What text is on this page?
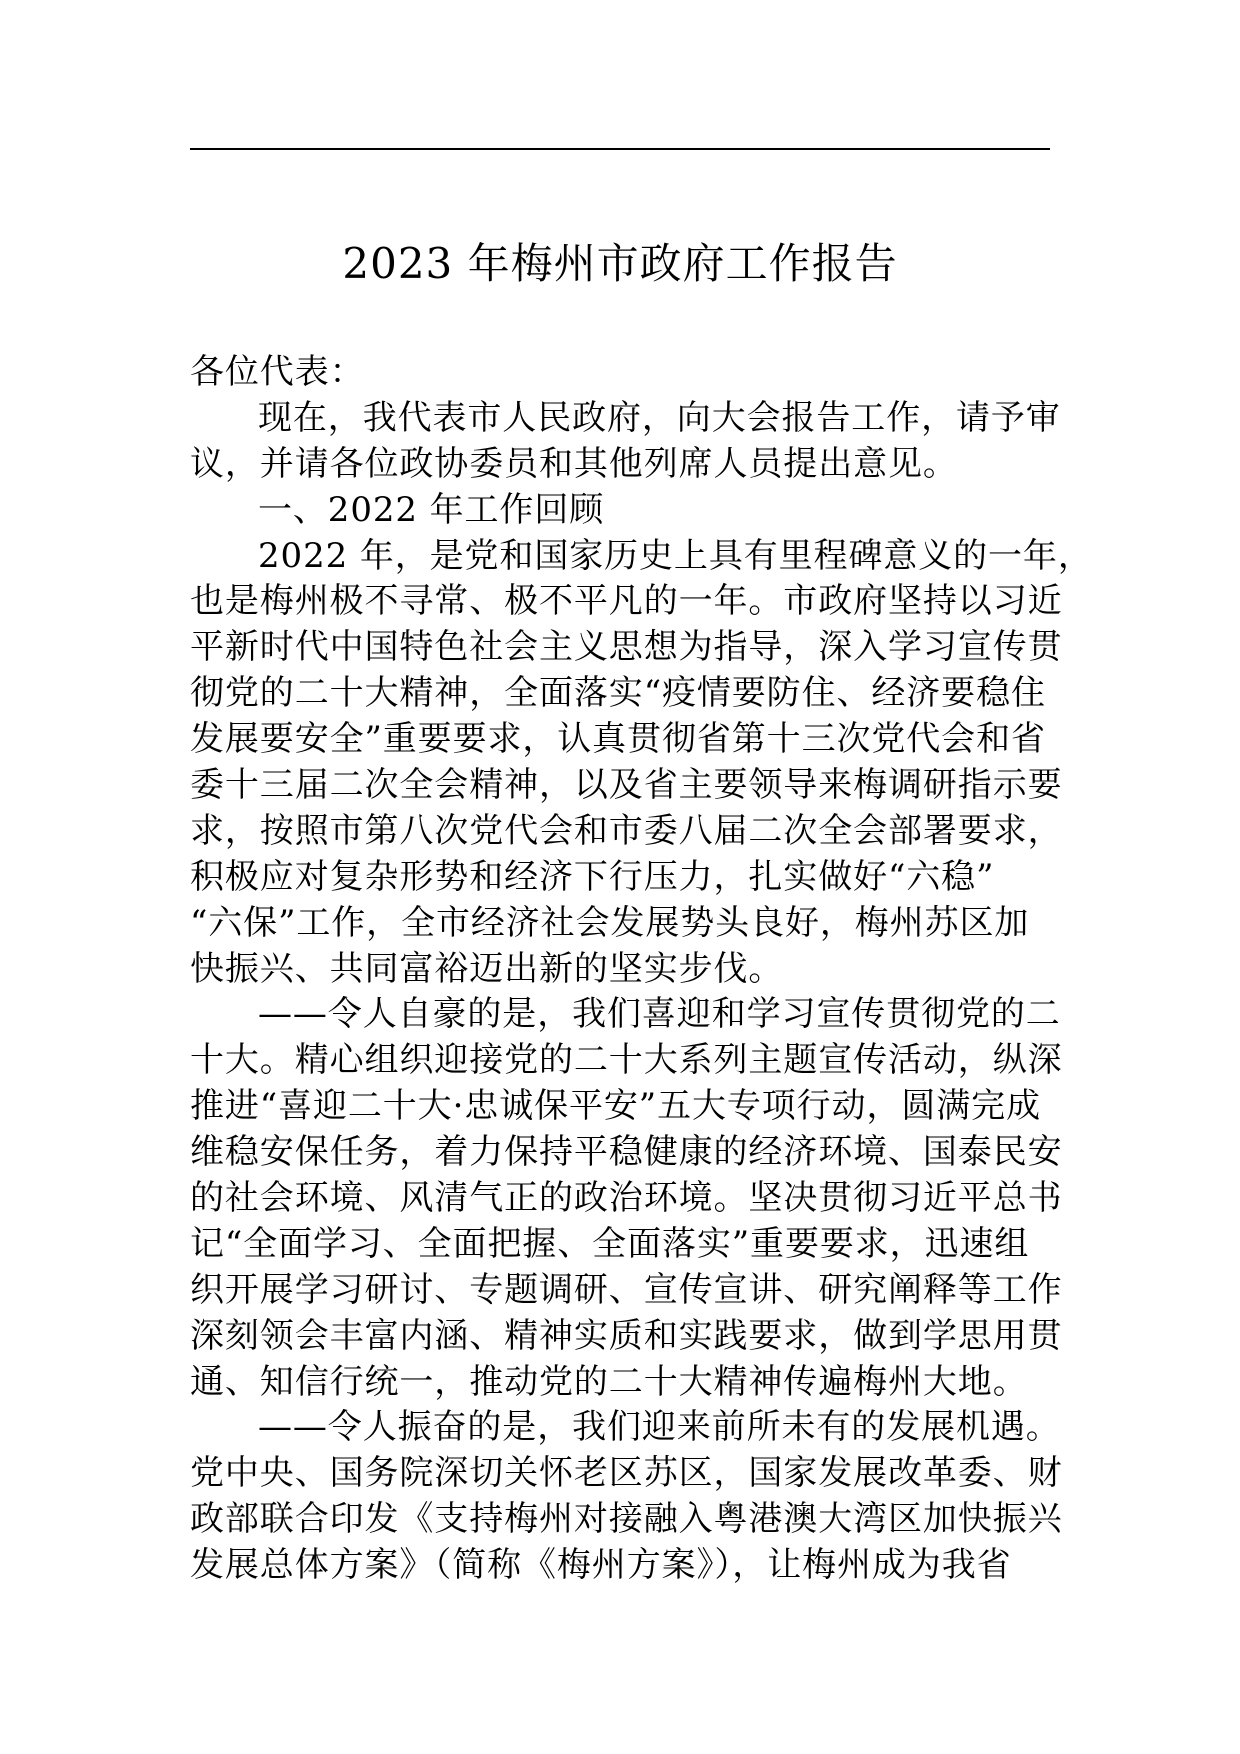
2023 年梅州市政府工作报告
各位代表：
现在，我代表市人民政府，向大会报告工作，请予审
议，并请各位政协委员和其他列席人员提出意见。
一、2022 年工作回顾
2022 年，是党和国家历史上具有里程碑意义的一年，
也是梅州极不寻常、极不平凡的一年。市政府坚持以习近
平新时代中国特色社会主义思想为指导，深入学习宣传贯
彻党的二十大精神，全面落实“疫情要防住、经济要稳住
发展要安全”重要要求，认真贯彻省第十三次党代会和省
委十三届二次全会精神，以及省主要领导来梅调研指示要
求，按照市第八次党代会和市委八届二次全会部署要求，
积极应对复杂形势和经济下行压力，扎实做好“六稳”
“六保”工作，全市经济社会发展势头良好，梅州苏区加
快振兴、共同富裕迈出新的坚实步伐。
——令人自豪的是，我们喜迎和学习宣传贯彻党的二
十大。精心组织迎接党的二十大系列主题宣传活动，纵深
推进“喜迎二十大·忠诚保平安”五大专项行动，圆满完成
维稳安保任务，着力保持平稳健康的经济环境、国泰民安
的社会环境、风清气正的政治环境。坚决贯彻习近平总书
记“全面学习、全面把握、全面落实”重要要求，迅速组
织开展学习研讨、专题调研、宣传宣讲、研究阐释等工作
深刻领会丰富内涵、精神实质和实践要求，做到学思用贯
通、知信行统一，推动党的二十大精神传遍梅州大地。
——令人振奋的是，我们迎来前所未有的发展机遇。
党中央、国务院深切关怀老区苏区，国家发展改革委、财
政部联合印发《支持梅州对接融入粤港澳大湾区加快振兴
发展总体方案》（简称《梅州方案》），让梅州成为我省
